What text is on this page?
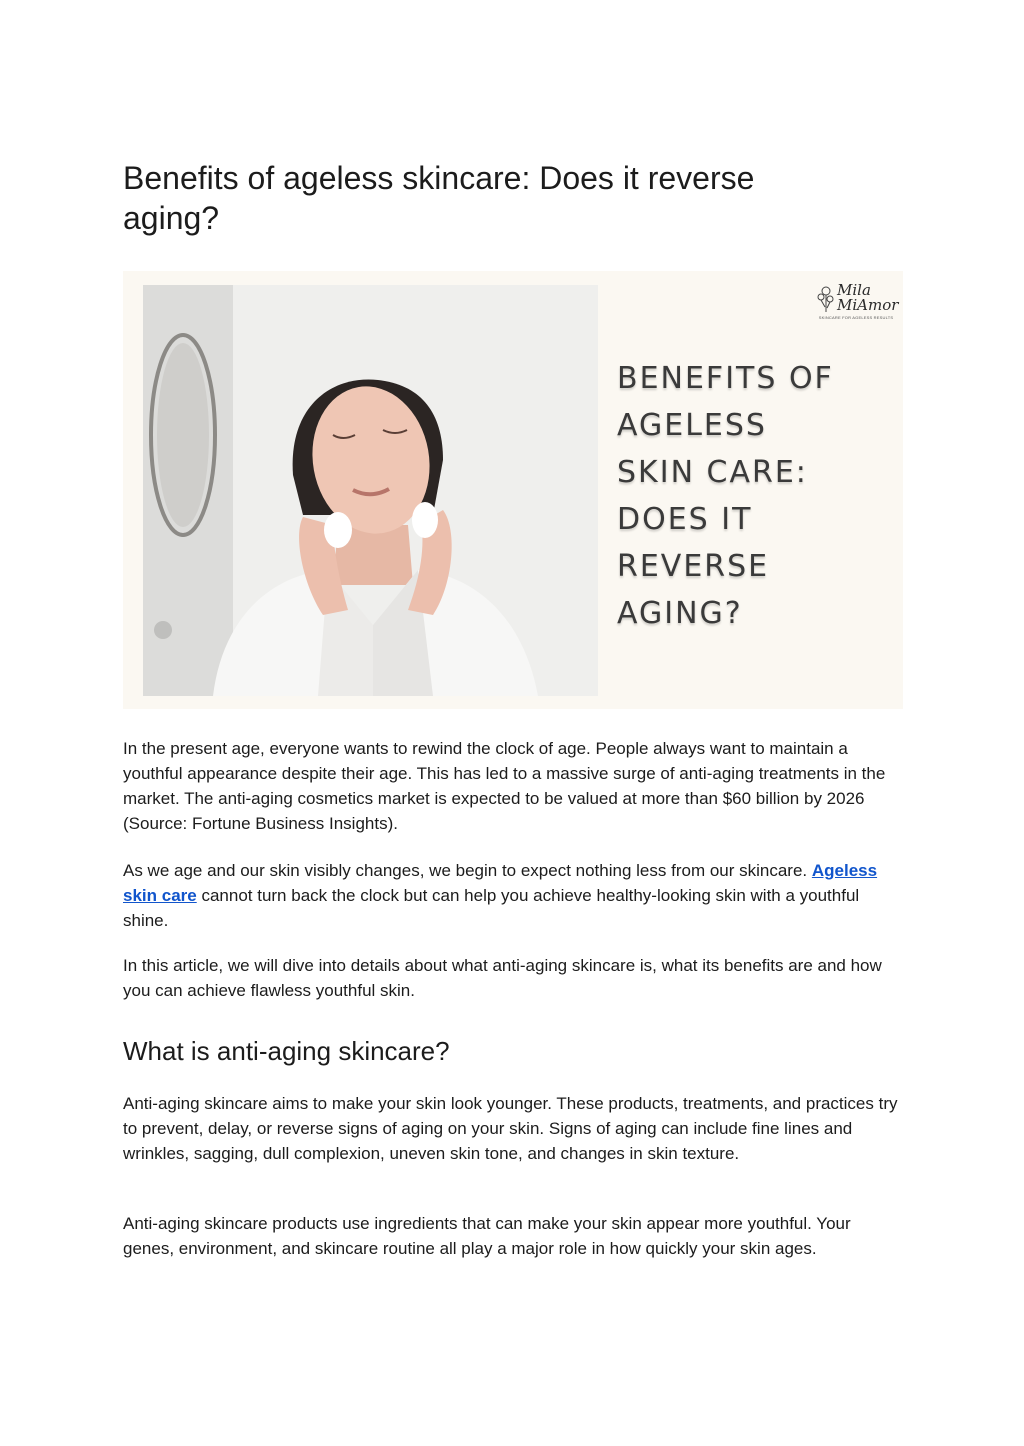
Benefits of ageless skincare: Does it reverse aging?
Mila
MiAmor
SKINCARE FOR AGELESS RESULTS
BENEFITS OF
AGELESS
SKIN CARE:
DOES IT
REVERSE
AGING?

In the present age, everyone wants to rewind the clock of age. People always want to maintain a youthful appearance despite their age. This has led to a massive surge of anti-aging treatments in the market. The anti-aging cosmetics market is expected to be valued at more than $60 billion by 2026 (Source: Fortune Business Insights).

As we age and our skin visibly changes, we begin to expect nothing less from our skincare. Ageless skin care cannot turn back the clock but can help you achieve healthy-looking skin with a youthful shine.

In this article, we will dive into details about what anti-aging skincare is, what its benefits are and how you can achieve flawless youthful skin.

What is anti-aging skincare?

Anti-aging skincare aims to make your skin look younger. These products, treatments, and practices try to prevent, delay, or reverse signs of aging on your skin. Signs of aging can include fine lines and wrinkles, sagging, dull complexion, uneven skin tone, and changes in skin texture.

Anti-aging skincare products use ingredients that can make your skin appear more youthful. Your genes, environment, and skincare routine all play a major role in how quickly your skin ages.
